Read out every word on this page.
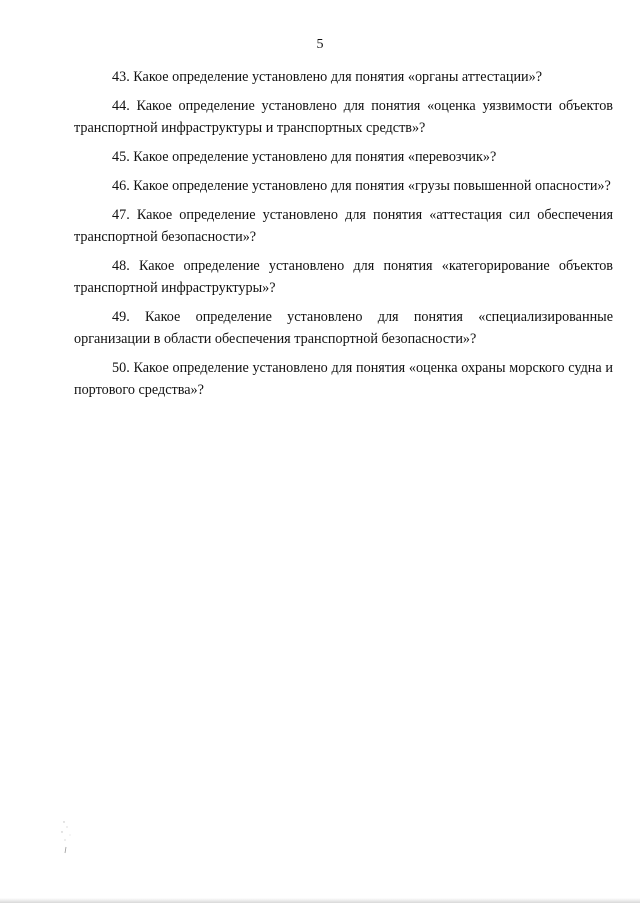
5

43. Какое определение установлено для понятия «органы аттестации»?

44. Какое определение установлено для понятия «оценка уязвимости объектов транспортной инфраструктуры и транспортных средств»?

45. Какое определение установлено для понятия «перевозчик»?

46. Какое определение установлено для понятия «грузы повышенной опасности»?

47. Какое определение установлено для понятия «аттестация сил обеспечения транспортной безопасности»?

48. Какое определение установлено для понятия «категорирование объектов транспортной инфраструктуры»?

49. Какое определение установлено для понятия «специализированные организации в области обеспечения транспортной безопасности»?

50. Какое определение установлено для понятия «оценка охраны морского судна и портового средства»?
